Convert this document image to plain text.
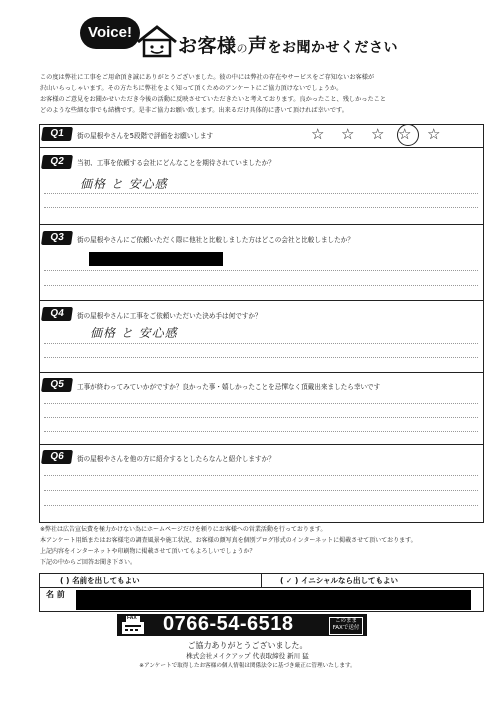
Voice!
お客様の声をお聞かせください
この度は弊社に工事をご用命頂き誠にありがとうございました。彼の中には弊社の存在やサービスをご存知ないお客様が
沢山いらっしゃいます。その方たちに弊社をよく知って頂くためのアンケートにご協力頂けないでしょうか。
お客様のご意見をお聞かせいただき今後の活動に反映させていただきたいと考えております。良かったこと、残しかったこと
どのような些細な事でも結構です。是非ご協力お願い致します。出来るだけ具体的に書いて頂ければ幸いです。
Q1	街の屋根やさんを5段階で評価をお願いします	☆ ☆ ☆ ☆ ☆
Q2	当初、工事を依頼する会社にどんなことを期待されていましたか？
価格 と 安心感
Q3	街の屋根やさんにご依頼いただく際に他社と比較しました方はどこの会社と比較しましたか？
Q4	街の屋根やさんに工事をご依頼いただいた決め手は何ですか？
価格 と 安心感
Q5	工事が終わってみていかがですか？良かった事・嬉しかったことを忌憚なく頂戴出来ましたら幸いです
Q6	街の屋根やさんを他の方に紹介するとしたらなんと紹介しますか？
※弊社は広告宣伝費を極力かけない為にホームページだけを頼りにお客様への営業活動を行っております。
本アンケート用紙またはお客様宅の調査風景や施工状況、お客様の顔写真を個別ブログ形式のインターネットに掲載させて頂いております。
上記内容をインターネットや印刷物に掲載させて頂いてもよろしいでしょうか？
下記の中からご回答お聞き下さい。
( ) 名前を出してもよい	( ✓ ) イニシャルなら出してもよい
名 前
FAX 0766-54-6518	このまま
FAXで送付
ご協力ありがとうございました。
株式会社メイクアップ 代表取締役 新川 猛
※アンケートで取得したお客様の個人情報は関係法令に基づき厳正に管理いたします。
